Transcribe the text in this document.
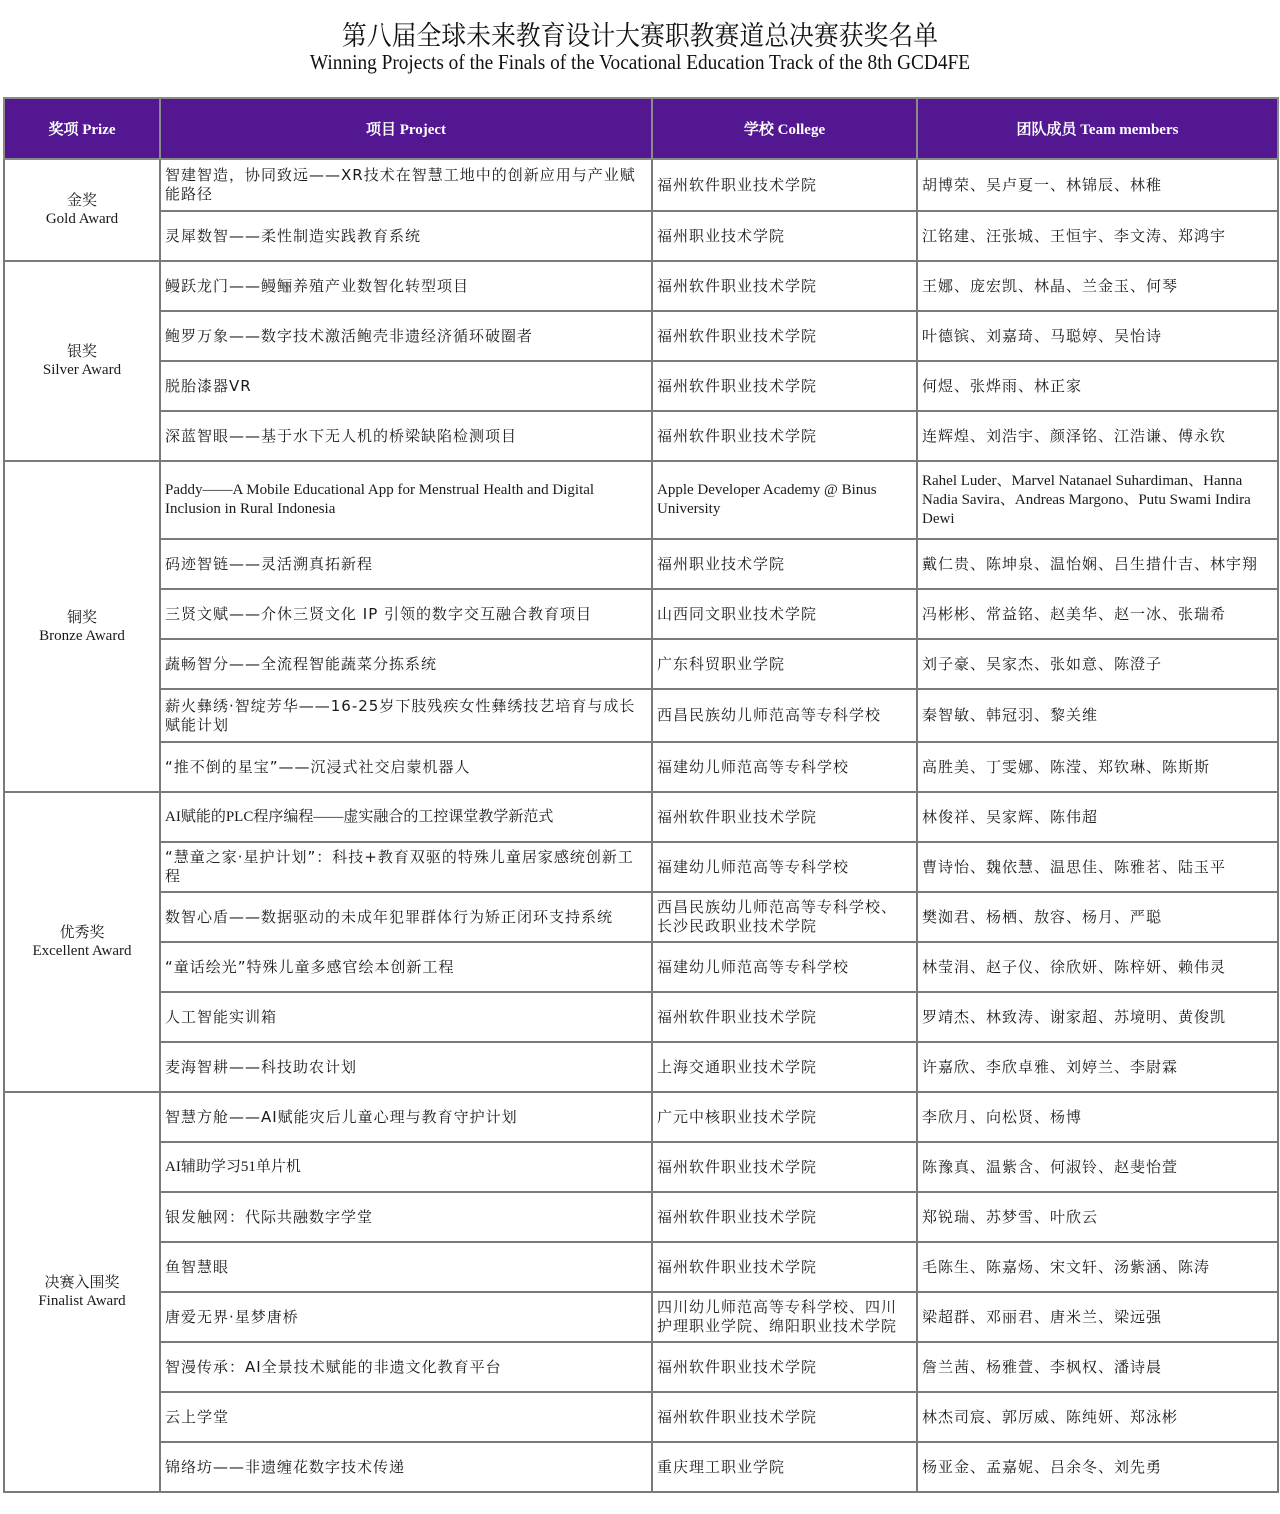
第八届全球未来教育设计大赛职教赛道总决赛获奖名单
Winning Projects of the Finals of the Vocational Education Track of the 8th GCD4FE
奖项 Prize	项目 Project	学校 College	团队成员 Team members

金奖
Gold Award	智建智造，协同致远——XR技术在智慧工地中的创新应用与产业赋能路径	福州软件职业技术学院	胡博荣、吴卢夏一、林锦辰、林稚
	灵犀数智——柔性制造实践教育系统	福州职业技术学院	江铭建、汪张城、王恒宇、李文涛、郑鸿宇

银奖
Silver Award	鳗跃龙门——鳗鲡养殖产业数智化转型项目	福州软件职业技术学院	王娜、庞宏凯、林晶、兰金玉、何琴
	鲍罗万象——数字技术激活鲍壳非遗经济循环破圈者	福州软件职业技术学院	叶德镔、刘嘉琦、马聪婷、吴怡诗
	脱胎漆器VR	福州软件职业技术学院	何煜、张烨雨、林正家
	深蓝智眼——基于水下无人机的桥梁缺陷检测项目	福州软件职业技术学院	连辉煌、刘浩宇、颜泽铭、江浩谦、傅永钦

铜奖
Bronze Award	Paddy——A Mobile Educational App for Menstrual Health and Digital Inclusion in Rural Indonesia	Apple Developer Academy @ Binus University	Rahel Luder、Marvel Natanael Suhardiman、Hanna Nadia Savira、Andreas Margono、Putu Swami Indira Dewi
	码迹智链——灵活溯真拓新程	福州职业技术学院	戴仁贵、陈坤泉、温怡娴、吕生措什吉、林宇翔
	三贤文赋——介休三贤文化 IP 引领的数字交互融合教育项目	山西同文职业技术学院	冯彬彬、常益铭、赵美华、赵一冰、张瑞希
	蔬畅智分——全流程智能蔬菜分拣系统	广东科贸职业学院	刘子豪、吴家杰、张如意、陈澄子
	薪火彝绣·智绽芳华——16-25岁下肢残疾女性彝绣技艺培育与成长赋能计划	西昌民族幼儿师范高等专科学校	秦智敏、韩冠羽、黎关维
	“推不倒的星宝”——沉浸式社交启蒙机器人	福建幼儿师范高等专科学校	高胜美、丁雯娜、陈滢、郑钦琳、陈斯斯

优秀奖
Excellent Award	AI赋能的PLC程序编程——虚实融合的工控课堂教学新范式	福州软件职业技术学院	林俊祥、吴家辉、陈伟超
	“慧童之家·星护计划”：科技+教育双驱的特殊儿童居家感统创新工程	福建幼儿师范高等专科学校	曹诗怡、魏依慧、温思佳、陈雅茗、陆玉平
	数智心盾——数据驱动的未成年犯罪群体行为矫正闭环支持系统	西昌民族幼儿师范高等专科学校、长沙民政职业技术学院	樊洳君、杨栖、敖容、杨月、严聪
	“童话绘光”特殊儿童多感官绘本创新工程	福建幼儿师范高等专科学校	林莹涓、赵子仪、徐欣妍、陈梓妍、赖伟灵
	人工智能实训箱	福州软件职业技术学院	罗靖杰、林致涛、谢家超、苏境明、黄俊凯
	麦海智耕——科技助农计划	上海交通职业技术学院	许嘉欣、李欣卓雅、刘婷兰、李尉霖

决赛入围奖
Finalist Award	智慧方舱——AI赋能灾后儿童心理与教育守护计划	广元中核职业技术学院	李欣月、向松贤、杨博
	AI辅助学习51单片机	福州软件职业技术学院	陈豫真、温紫含、何淑铃、赵斐怡萱
	银发触网：代际共融数字学堂	福州软件职业技术学院	郑锐瑞、苏梦雪、叶欣云
	鱼智慧眼	福州软件职业技术学院	毛陈生、陈嘉炀、宋文轩、汤紫涵、陈涛
	唐爱无界·星梦唐桥	四川幼儿师范高等专科学校、四川护理职业学院、绵阳职业技术学院	梁超群、邓丽君、唐米兰、梁远强
	智漫传承：AI全景技术赋能的非遗文化教育平台	福州软件职业技术学院	詹兰茜、杨雅萱、李枫权、潘诗晨
	云上学堂	福州软件职业技术学院	林杰司宸、郭厉威、陈纯妍、郑泳彬
	锦络坊——非遗缠花数字技术传递	重庆理工职业学院	杨亚金、孟嘉妮、吕余冬、刘先勇
